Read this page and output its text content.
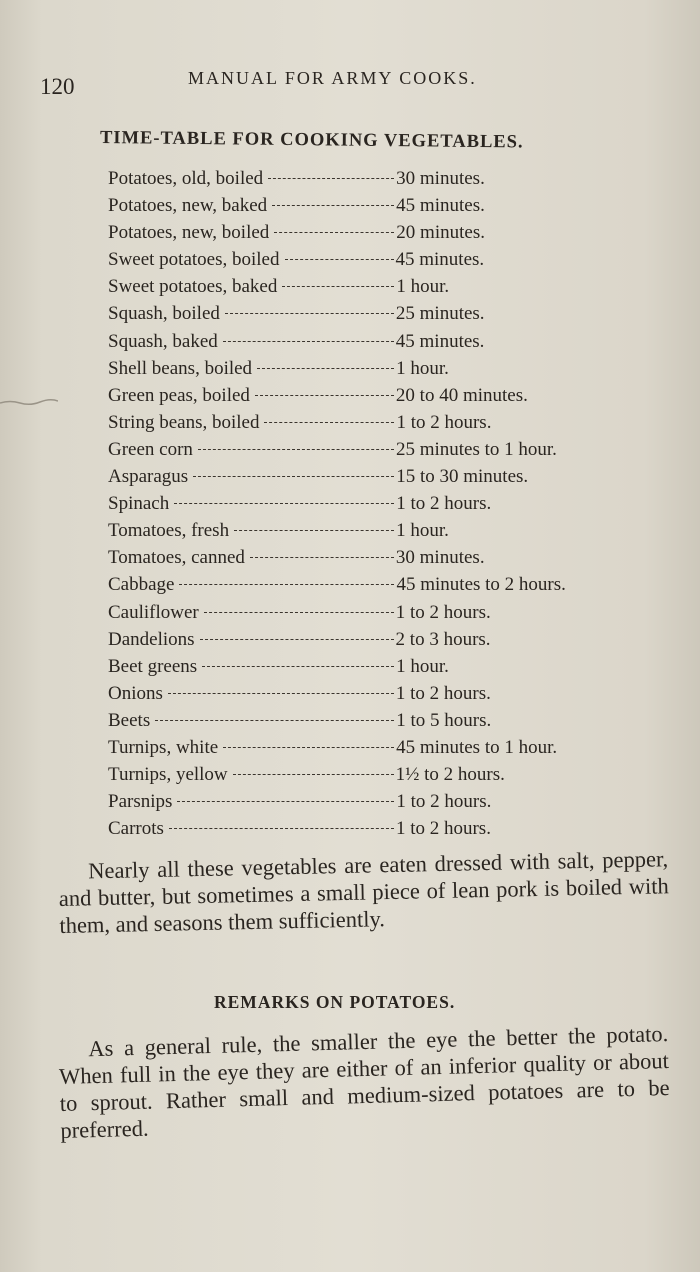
120	MANUAL FOR ARMY COOKS.
TIME-TABLE FOR COOKING VEGETABLES.
Potatoes, old, boiled	30 minutes.
Potatoes, new, baked	45 minutes.
Potatoes, new, boiled	20 minutes.
Sweet potatoes, boiled	45 minutes.
Sweet potatoes, baked	1 hour.
Squash, boiled	25 minutes.
Squash, baked	45 minutes.
Shell beans, boiled	1 hour.
Green peas, boiled	20 to 40 minutes.
String beans, boiled	1 to 2 hours.
Green corn	25 minutes to 1 hour.
Asparagus	15 to 30 minutes.
Spinach	1 to 2 hours.
Tomatoes, fresh	1 hour.
Tomatoes, canned	30 minutes.
Cabbage	45 minutes to 2 hours.
Cauliflower	1 to 2 hours.
Dandelions	2 to 3 hours.
Beet greens	1 hour.
Onions	1 to 2 hours.
Beets	1 to 5 hours.
Turnips, white	45 minutes to 1 hour.
Turnips, yellow	1½ to 2 hours.
Parsnips	1 to 2 hours.
Carrots	1 to 2 hours.

Nearly all these vegetables are eaten dressed with salt, pepper, and butter, but sometimes a small piece of lean pork is boiled with them, and seasons them sufficiently.

REMARKS ON POTATOES.

As a general rule, the smaller the eye the better the potato. When full in the eye they are either of an inferior quality or about to sprout. Rather small and medium-sized potatoes are to be preferred.
